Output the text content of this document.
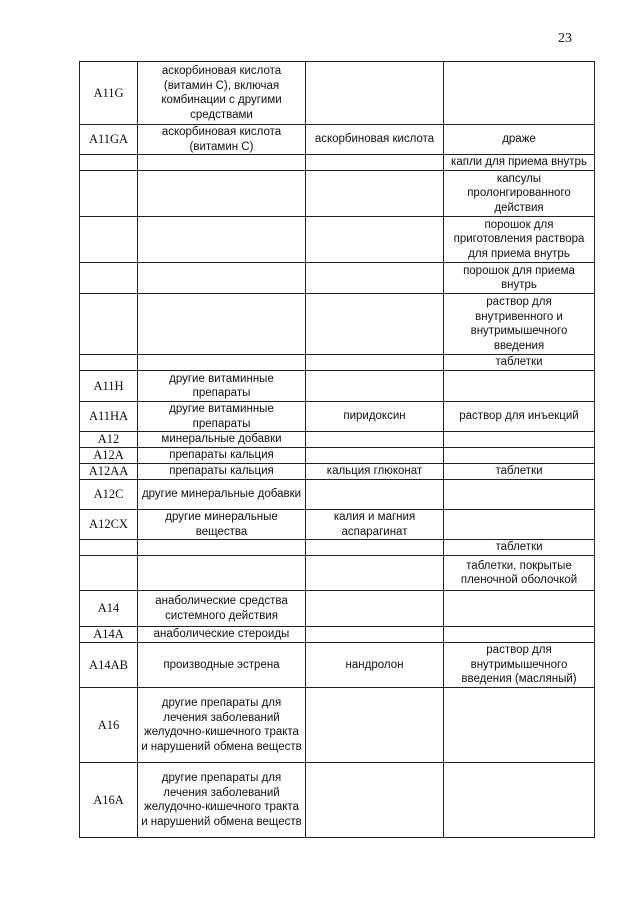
23
A11G	аскорбиновая кислота (витамин С), включая комбинации с другими средствами		
A11GA	аскорбиновая кислота (витамин С)	аскорбиновая кислота	драже
			капли для приема внутрь
			капсулы пролонгированного действия
			порошок для приготовления раствора для приема внутрь
			порошок для приема внутрь
			раствор для внутривенного и внутримышечного введения
			таблетки
A11H	другие витаминные препараты		
A11HA	другие витаминные препараты	пиридоксин	раствор для инъекций
A12	минеральные добавки		
A12A	препараты кальция		
A12AA	препараты кальция	кальция глюконат	таблетки
A12C	другие минеральные добавки		
A12CX	другие минеральные вещества	калия и магния аспарагинат	
			таблетки
			таблетки, покрытые пленочной оболочкой
A14	анаболические средства системного действия		
A14A	анаболические стероиды		
A14AB	производные эстрена	нандролон	раствор для внутримышечного введения (масляный)
A16	другие препараты для лечения заболеваний желудочно-кишечного тракта и нарушений обмена веществ		
A16A	другие препараты для лечения заболеваний желудочно-кишечного тракта и нарушений обмена веществ		
